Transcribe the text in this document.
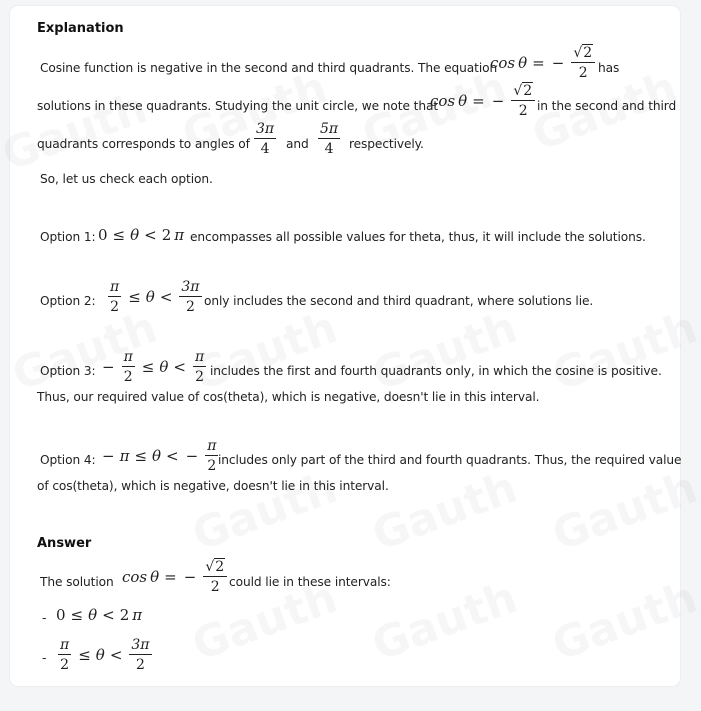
Explanation
Cosine function is negative in the second and third quadrants. The equation
cos θ = − $\frac{√2}{2}$ has
solutions in these quadrants. Studying the unit circle, we note that
cos θ = − $\frac{√2}{2}$ in the second and third
quadrants corresponds to angles of $\frac{3\pi}{4}$ and $\frac{5\pi}{4}$ respectively.
So, let us check each option.
Option 1: 0 ≤ θ < 2 π encompasses all possible values for theta, thus, it will include the solutions.
Option 2: $\frac{\pi}{2} \le \theta < \frac{3\pi}{2}$ only includes the second and third quadrant, where solutions lie.
Option 3: − $\frac{\pi}{2} \le \theta < \frac{\pi}{2}$ includes the first and fourth quadrants only, in which the cosine is positive.
Thus, our required value of cos(theta), which is negative, doesn't lie in this interval.
Option 4: − π ≤ θ < − $\frac{\pi}{2}$ includes only part of the third and fourth quadrants. Thus, the required value
of cos(theta), which is negative, doesn't lie in this interval.
Answer
The solution cos θ = − $\frac{√2}{2}$ could lie in these intervals:
- 0 ≤ θ < 2 π
- $\frac{\pi}{2} \le \theta < \frac{3\pi}{2}$
